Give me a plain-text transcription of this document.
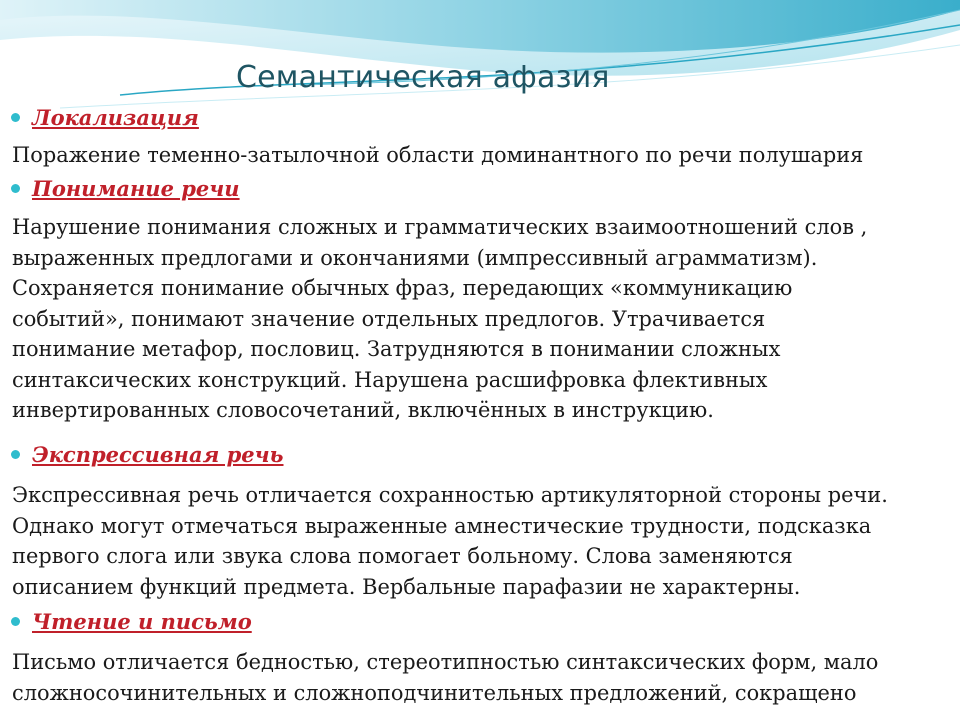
Семантическая афазия
Локализация

Поражение теменно-затылочной области доминантного по речи полушария

Понимание речи

Нарушение понимания сложных и грамматических взаимоотношений слов ,
выраженных предлогами и окончаниями (импрессивный аграмматизм).
Сохраняется понимание обычных фраз, передающих «коммуникацию
событий», понимают значение отдельных предлогов. Утрачивается
понимание метафор, пословиц. Затрудняются в понимании сложных
синтаксических конструкций. Нарушена расшифровка флективных
инвертированных словосочетаний, включённых в инструкцию.

Экспрессивная речь

Экспрессивная речь отличается сохранностью артикуляторной стороны речи.
Однако могут отмечаться выраженные амнестические трудности, подсказка
первого слога или звука слова помогает больному. Слова заменяются
описанием функций предмета. Вербальные парафазии не характерны.

Чтение и письмо

Письмо отличается бедностью, стереотипностью синтаксических форм, мало
сложносочинительных и сложноподчинительных предложений, сокращено
